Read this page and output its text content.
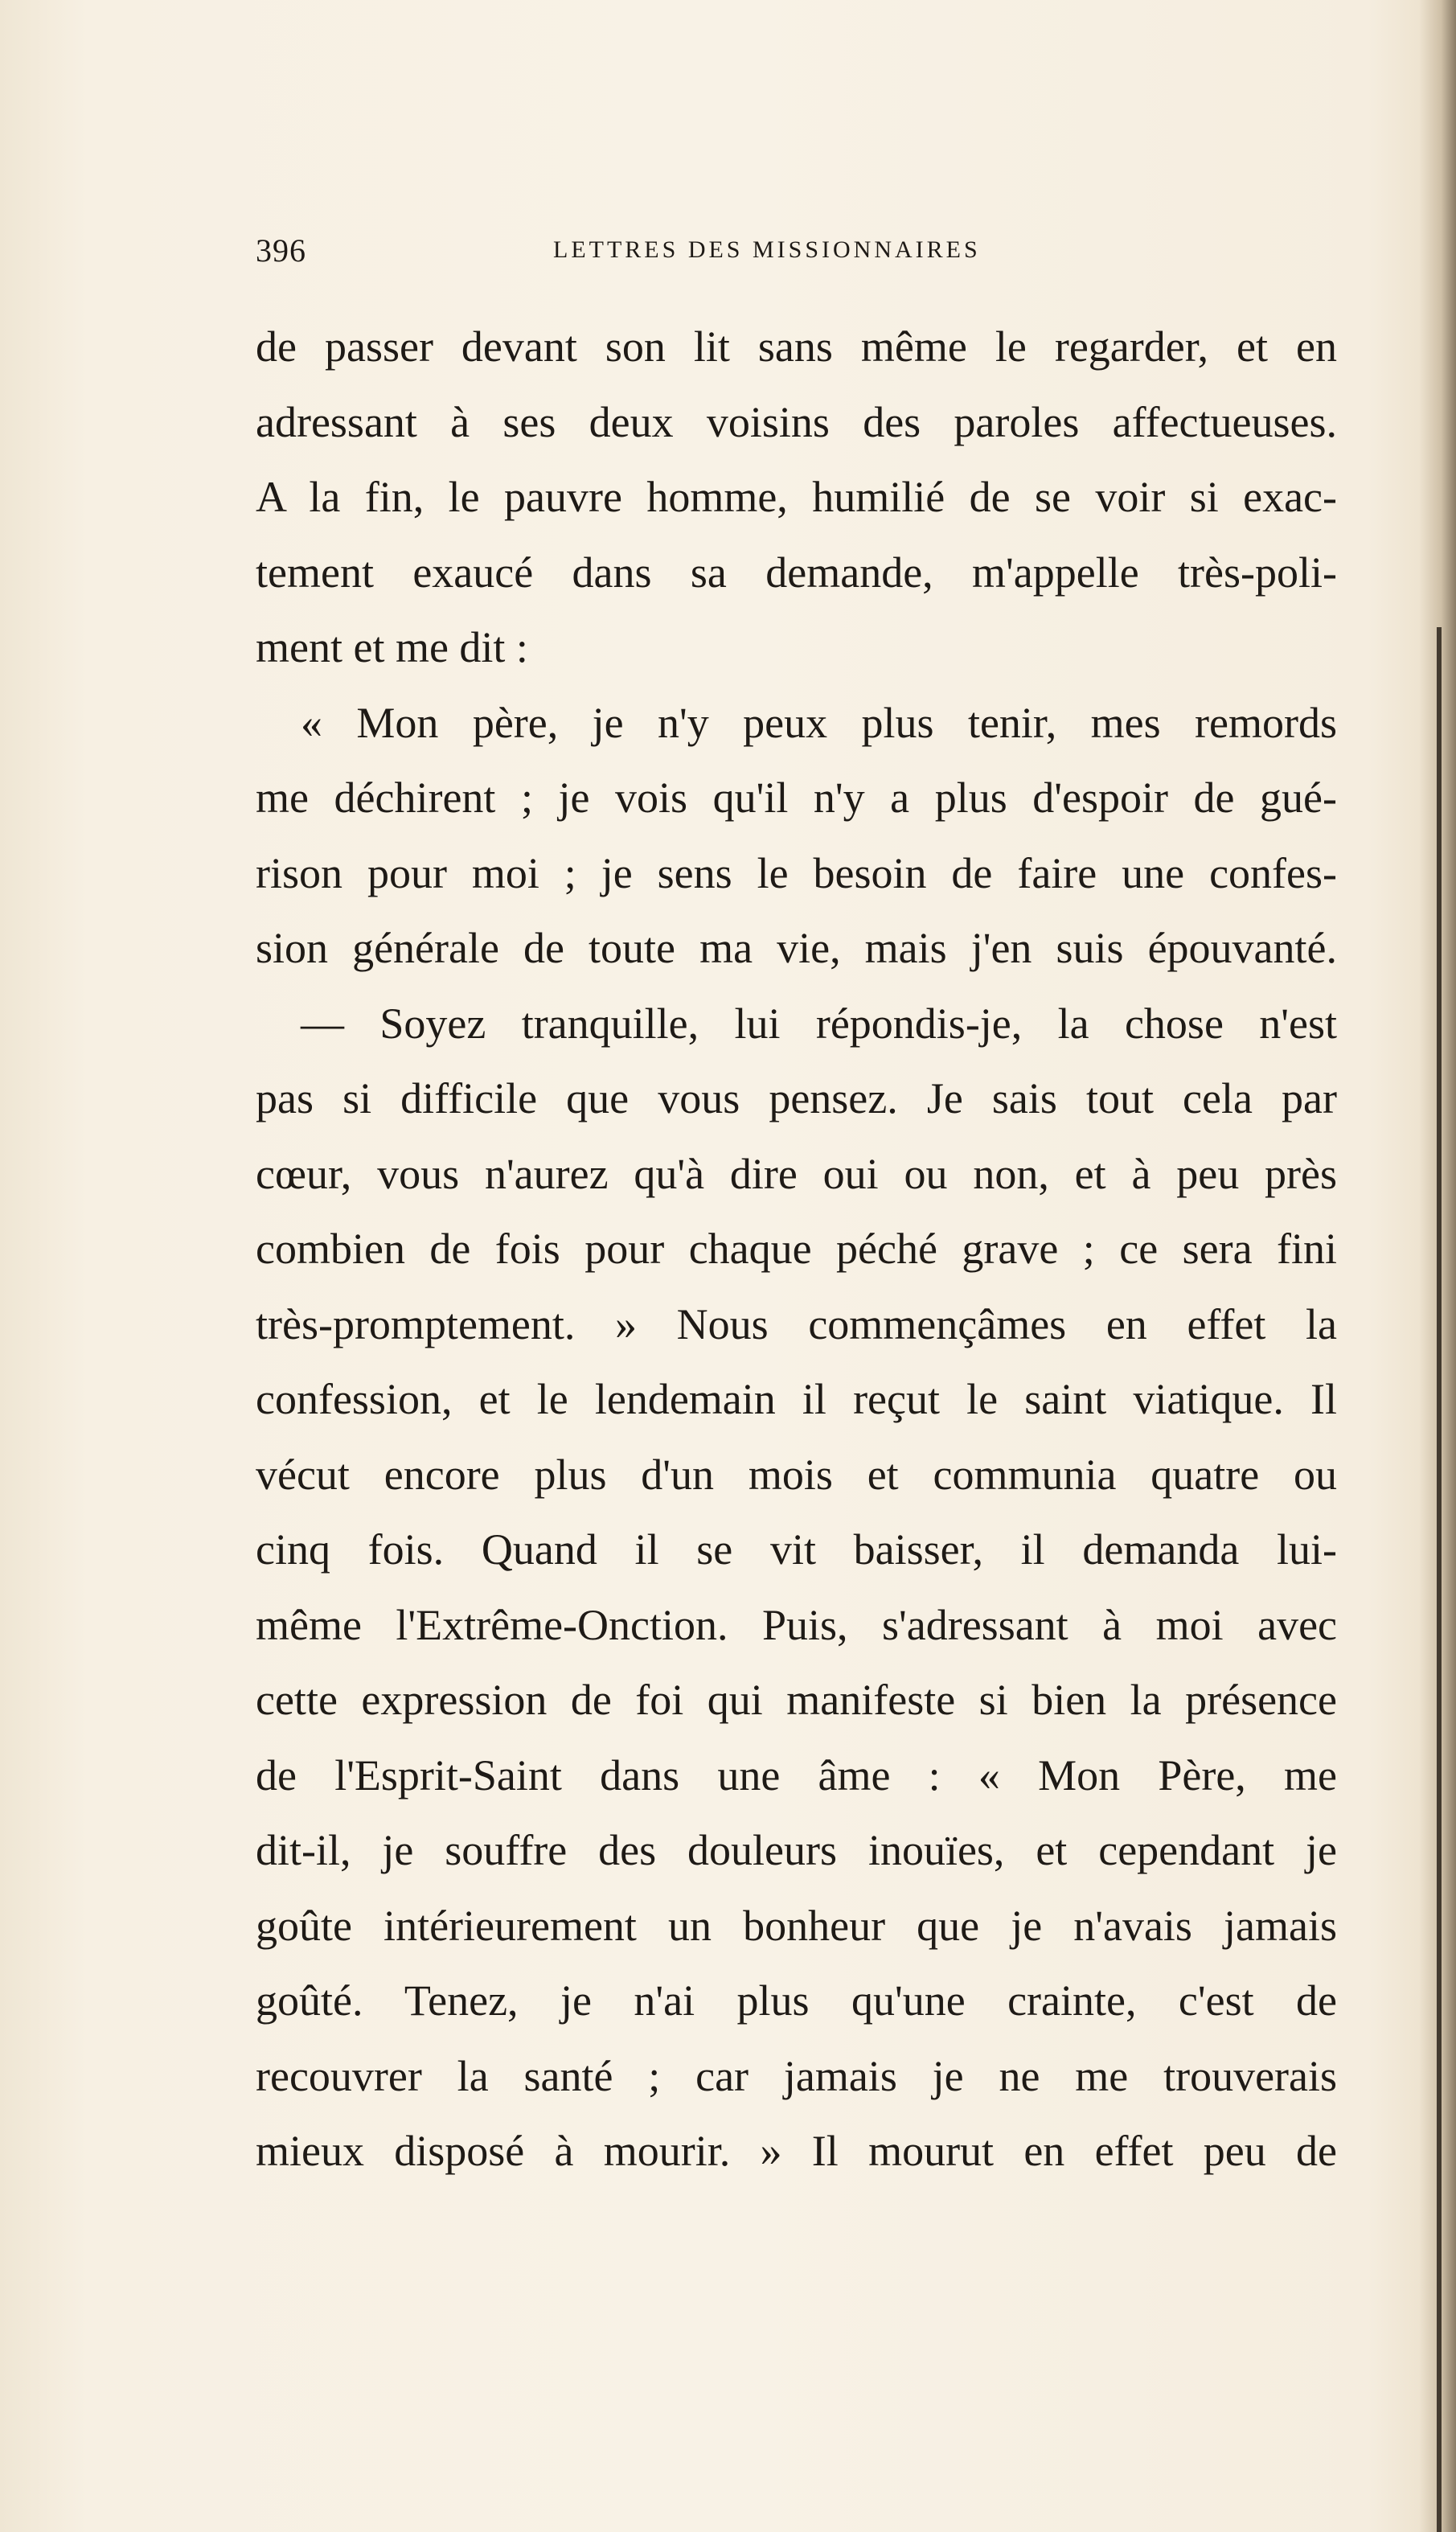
396	LETTRES DES MISSIONNAIRES
de passer devant son lit sans même le regarder, et en
adressant à ses deux voisins des paroles affectueuses.
A la fin, le pauvre homme, humilié de se voir si exac-
tement exaucé dans sa demande, m'appelle très-poli-
ment et me dit :
« Mon père, je n'y peux plus tenir, mes remords
me déchirent ; je vois qu'il n'y a plus d'espoir de gué-
rison pour moi ; je sens le besoin de faire une confes-
sion générale de toute ma vie, mais j'en suis épouvanté.
— Soyez tranquille, lui répondis-je, la chose n'est
pas si difficile que vous pensez. Je sais tout cela par
cœur, vous n'aurez qu'à dire oui ou non, et à peu près
combien de fois pour chaque péché grave ; ce sera fini
très-promptement. » Nous commençâmes en effet la
confession, et le lendemain il reçut le saint viatique. Il
vécut encore plus d'un mois et communia quatre ou
cinq fois. Quand il se vit baisser, il demanda lui-
même l'Extrême-Onction. Puis, s'adressant à moi avec
cette expression de foi qui manifeste si bien la présence
de l'Esprit-Saint dans une âme : « Mon Père, me
dit-il, je souffre des douleurs inouïes, et cependant je
goûte intérieurement un bonheur que je n'avais jamais
goûté. Tenez, je n'ai plus qu'une crainte, c'est de
recouvrer la santé ; car jamais je ne me trouverais
mieux disposé à mourir. » Il mourut en effet peu de
